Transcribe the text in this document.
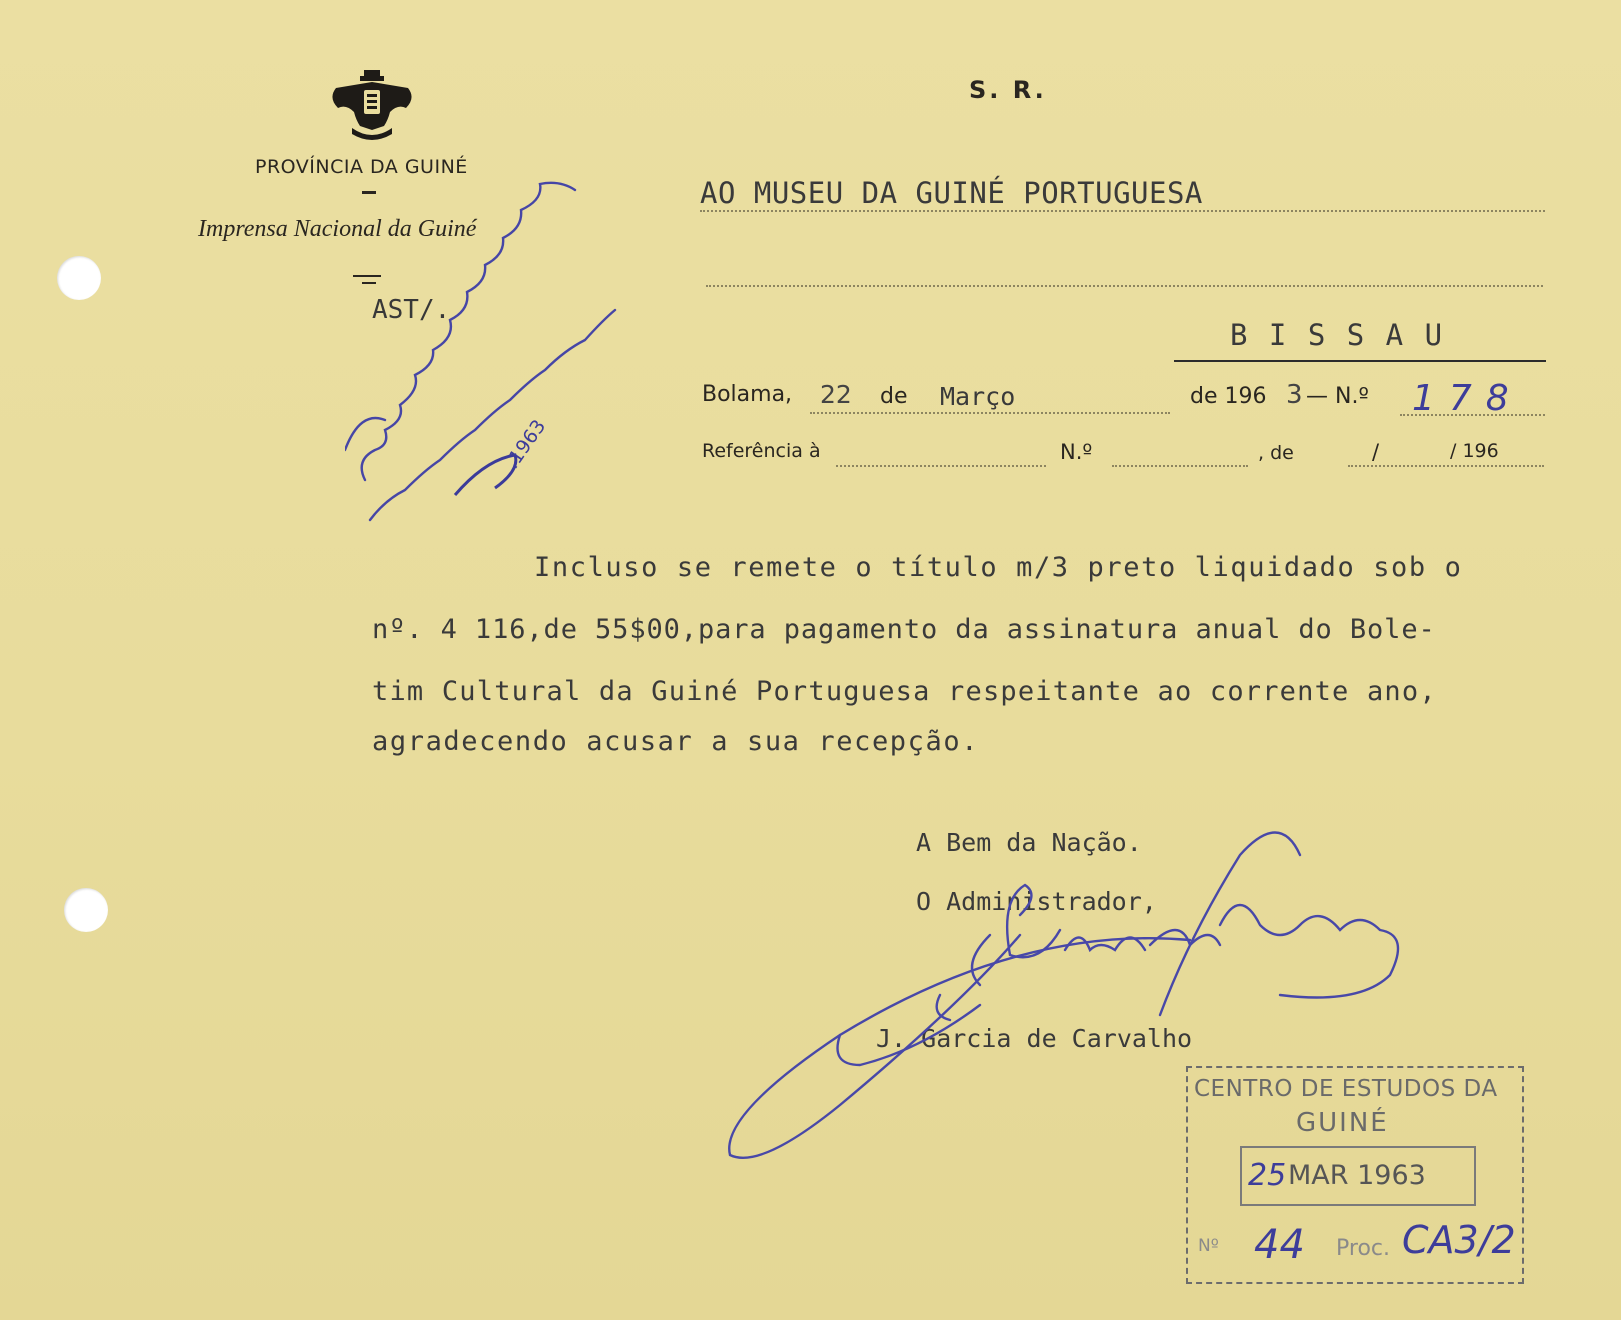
PROVÍNCIA DA GUINÉ
Imprensa Nacional da Guiné
AST/.
S. R.
AO MUSEU DA GUINÉ PORTUGUESA
B I S S A U
Bolama, 22 de Março	de 196 3 — N.º 178
Referência à	N.º	, de	/	/ 196
Incluso se remete o título m/3 preto liquidado sob o
nº. 4 116,de 55$00,para pagamento da assinatura anual do Bole-
tim Cultural da Guiné Portuguesa respeitante ao corrente ano,
agradecendo acusar a sua recepção.
A Bem da Nação.
O Administrador,
J. Garcia de Carvalho
.1963
CENTRO DE ESTUDOS DA
GUINÉ
25 MAR 1963
Nº 44 Proc. CA3/2
